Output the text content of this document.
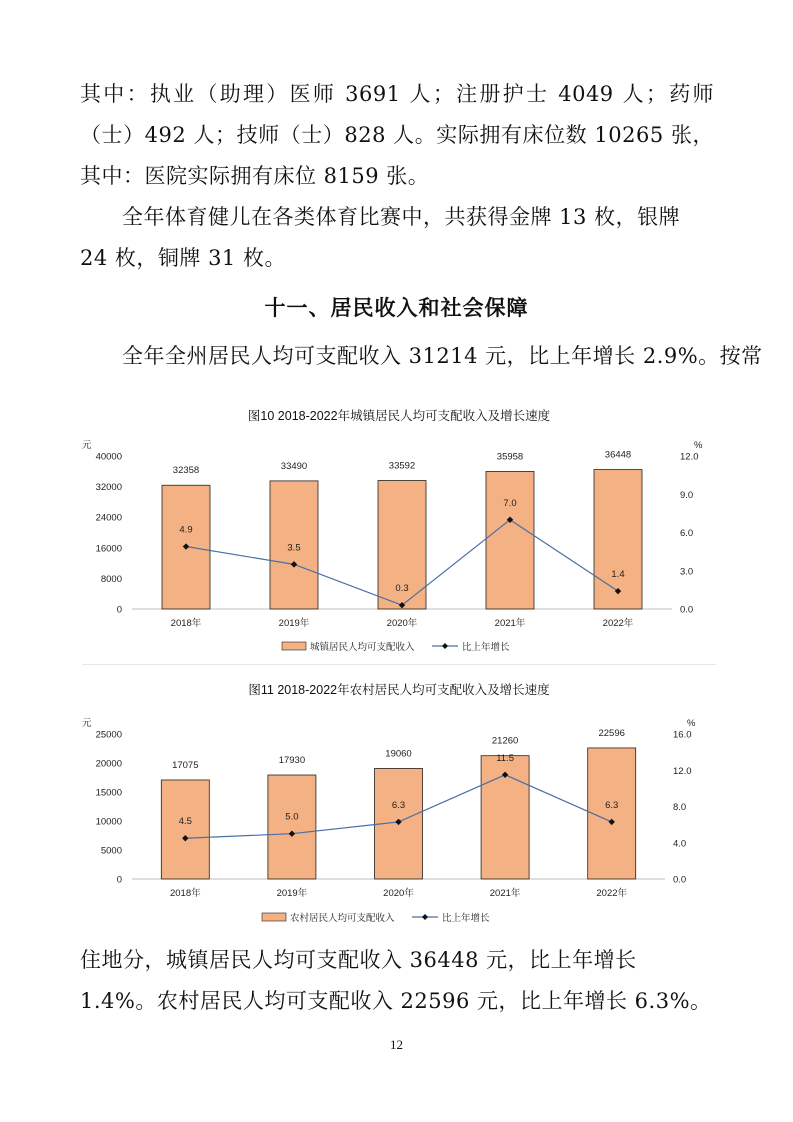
其中：执业（助理）医师 3691 人；注册护士 4049 人；药师（士）492 人；技师（士）828 人。实际拥有床位数 10265 张，其中：医院实际拥有床位 8159 张。

全年体育健儿在各类体育比赛中，共获得金牌 13 枚，银牌 24 枚，铜牌 31 枚。

十一、居民收入和社会保障

全年全州居民人均可支配收入 31214 元，比上年增长 2.9%。按常

图10 2018-2022年城镇居民人均可支配收入及增长速度
元	%
0
8000
16000
24000
32000
40000
0.0
3.0
6.0
9.0
12.0
32358	33490	33592
35958	36448
4.9
3.5
0.3
7.0
1.4
2018年	2019年	2020年	2021年	2022年
城镇居民人均可支配收入	比上年增长
图11 2018-2022年农村居民人均可支配收入及增长速度
元	%
0
5000
10000
15000
20000
25000
0.0
4.0
8.0
12.0
16.0
17075	17930
19060
21260
22596
4.5	5.0
6.3
11.5
6.3
2018年	2019年	2020年	2021年	2022年
农村居民人均可支配收入	比上年增长

住地分，城镇居民人均可支配收入 36448 元，比上年增长 1.4%。农村居民人均可支配收入 22596 元，比上年增长 6.3%。

12
